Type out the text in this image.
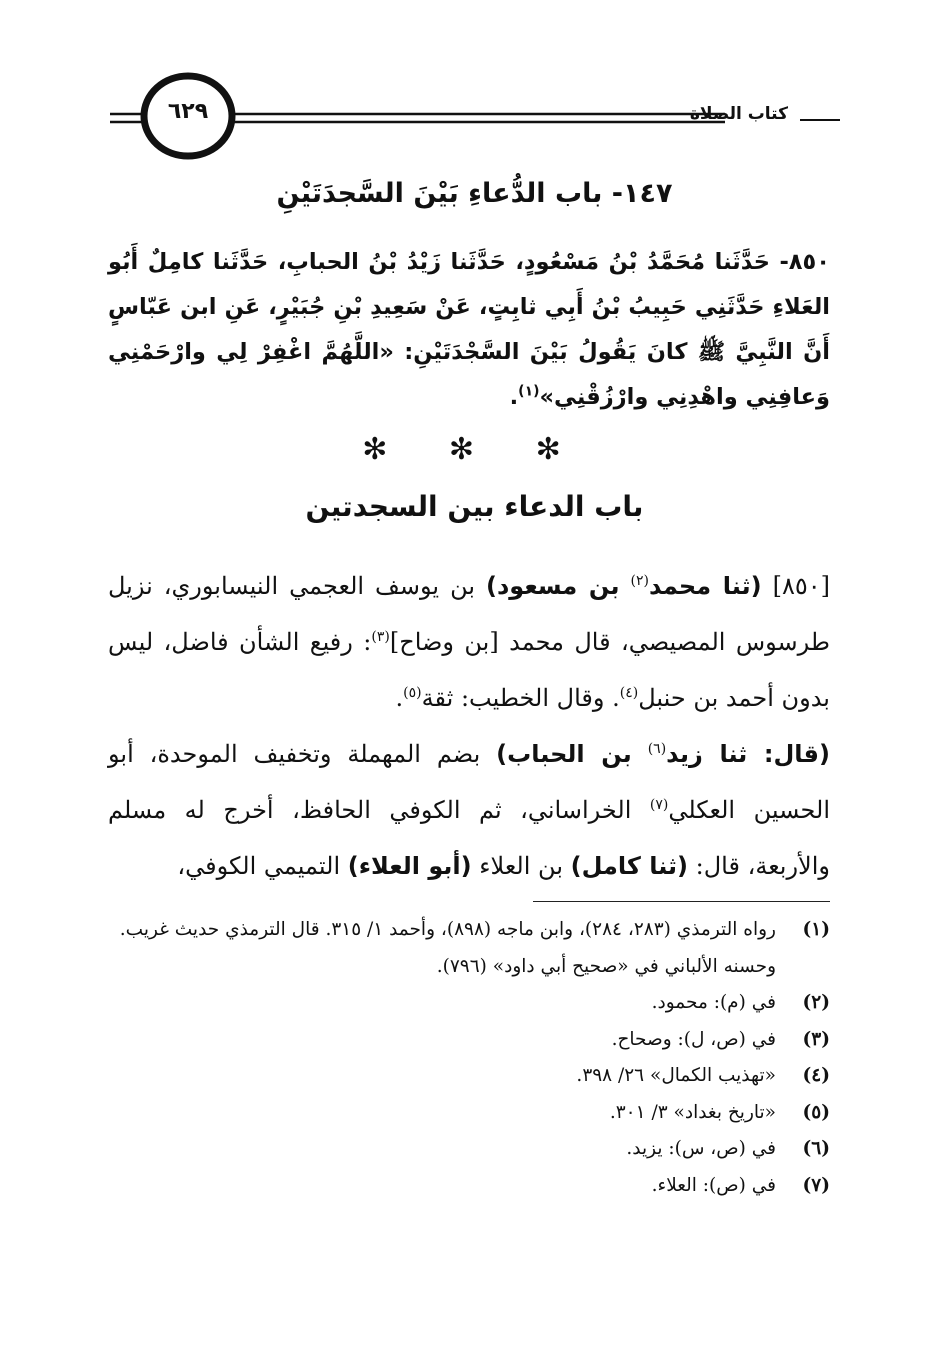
٦٢٩	كتاب الصلاة
١٤٧- باب الدُّعاءِ بَيْنَ السَّجدَتَيْنِ
٨٥٠- حَدَّثَنا مُحَمَّدُ بْنُ مَسْعُودٍ، حَدَّثَنا زَيْدُ بْنُ الحبابِ، حَدَّثَنا كامِلٌ أَبُو العَلاءِ حَدَّثَنِي حَبِيبُ بْنُ أَبِي ثابِتٍ، عَنْ سَعِيدِ بْنِ جُبَيْرٍ، عَنِ ابن عَبّاسٍ أَنَّ النَّبِيَّ ﷺ كانَ يَقُولُ بَيْنَ السَّجْدَتَيْنِ: «اللَّهُمَّ اغْفِرْ لِي وارْحَمْنِي وَعافِنِي واهْدِنِي وارْزُقْنِي»$^{(١)}$.
✻ ✻ ✻
باب الدعاء بين السجدتين

[٨٥٠] (ثنا محمد$^{(٢)}$ بن مسعود) بن يوسف العجمي النيسابوري، نزيل طرسوس المصيصي، قال محمد [بن وضاح]$^{(٣)}$: رفيع الشأن فاضل، ليس بدون أحمد بن حنبل$^{(٤)}$. وقال الخطيب: ثقة$^{(٥)}$.

(قال: ثنا زيد$^{(٦)}$ بن الحباب) بضم المهملة وتخفيف الموحدة، أبو الحسين العكلي$^{(٧)}$ الخراساني، ثم الكوفي الحافظ، أخرج له مسلم والأربعة، قال: (ثنا كامل) بن العلاء (أبو العلاء) التميمي الكوفي،

(١)
رواه الترمذي (٢٨٣، ٢٨٤)، وابن ماجه (٨٩٨)، وأحمد ١/ ٣١٥. قال الترمذي حديث غريب.
وحسنه الألباني في «صحيح أبي داود» (٧٩٦).
(٢)
في (م): محمود.
(٣)
في (ص، ل): وصحاح.
(٤)
«تهذيب الكمال» ٢٦/ ٣٩٨.
(٥)
«تاريخ بغداد» ٣/ ٣٠١.
(٦)
في (ص، س): يزيد.
(٧)
في (ص): العلاء.
